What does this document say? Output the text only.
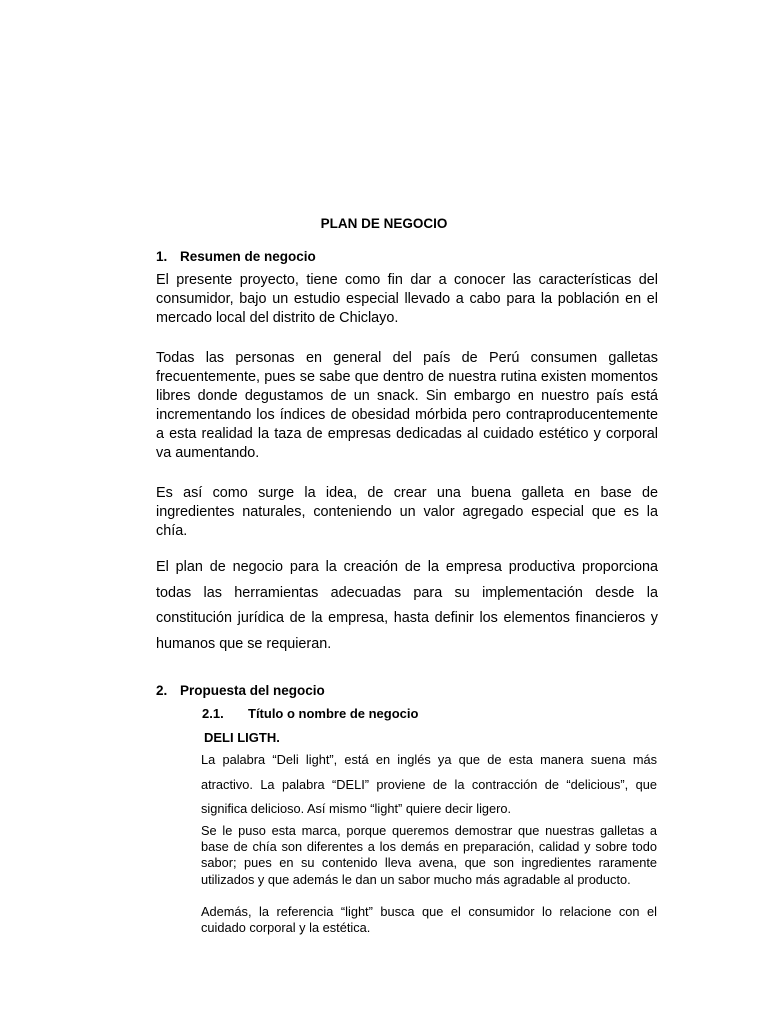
PLAN DE NEGOCIO
1. Resumen de negocio

El presente proyecto, tiene como fin dar a conocer las características del consumidor, bajo un estudio especial llevado a cabo para la población en el mercado local del distrito de Chiclayo.

Todas las personas en general del país de Perú consumen galletas frecuentemente, pues se sabe que dentro de nuestra rutina existen momentos libres donde degustamos de un snack. Sin embargo en nuestro país está incrementando los índices de obesidad mórbida pero contraproducentemente a esta realidad la taza de empresas dedicadas al cuidado estético y corporal va aumentando.

Es así como surge la idea, de crear una buena galleta en base de ingredientes naturales, conteniendo un valor agregado especial que es la chía.

El plan de negocio para la creación de la empresa productiva proporciona todas las herramientas adecuadas para su implementación desde la constitución jurídica de la empresa, hasta definir los elementos financieros y humanos que se requieran.

2. Propuesta del negocio
2.1. Título o nombre de negocio
DELI LIGTH.

La palabra “Deli light”, está en inglés ya que de esta manera suena más atractivo. La palabra “DELI” proviene de la contracción de “delicious”, que significa delicioso. Así mismo “light” quiere decir ligero.

Se le puso esta marca, porque queremos demostrar que nuestras galletas a base de chía son diferentes a los demás en preparación, calidad y sobre todo sabor; pues en su contenido lleva avena, que son ingredientes raramente utilizados y que además le dan un sabor mucho más agradable al producto.

Además, la referencia “light” busca que el consumidor lo relacione con el cuidado corporal y la estética.
